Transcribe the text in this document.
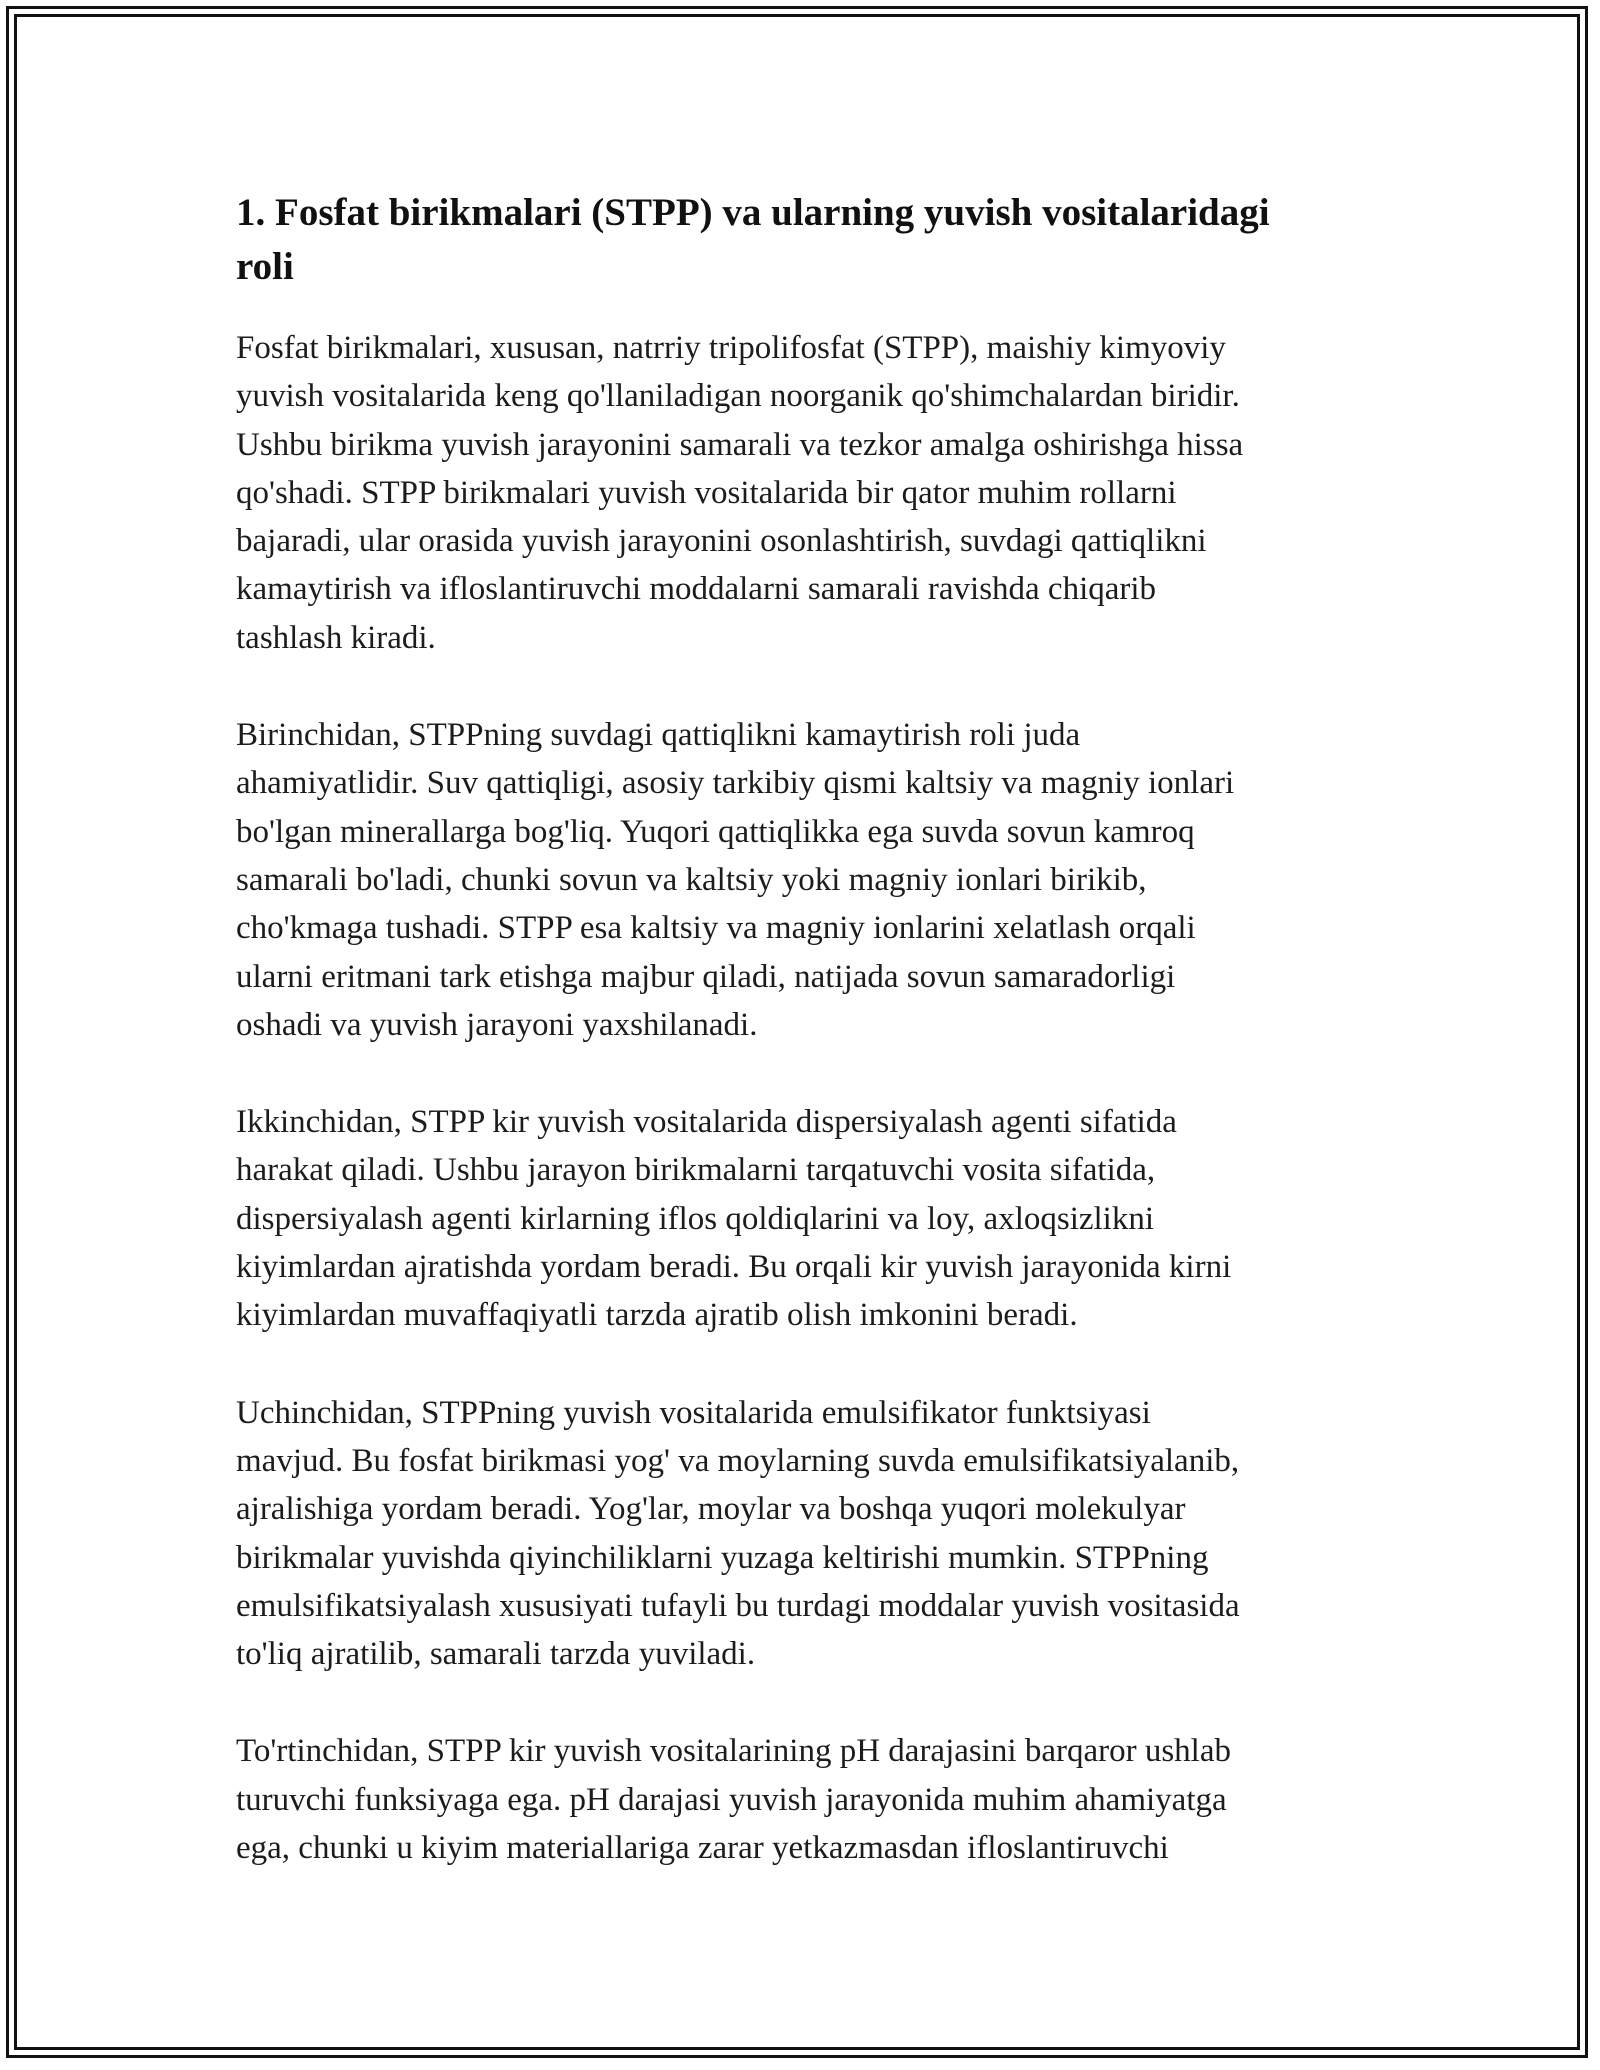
1. Fosfat birikmalari (STPP) va ularning yuvish vositalaridagi
roli

Fosfat birikmalari, xususan, natrriy tripolifosfat (STPP), maishiy kimyoviy
yuvish vositalarida keng qo'llaniladigan noorganik qo'shimchalardan biridir.
Ushbu birikma yuvish jarayonini samarali va tezkor amalga oshirishga hissa
qo'shadi. STPP birikmalari yuvish vositalarida bir qator muhim rollarni
bajaradi, ular orasida yuvish jarayonini osonlashtirish, suvdagi qattiqlikni
kamaytirish va ifloslantiruvchi moddalarni samarali ravishda chiqarib
tashlash kiradi.

Birinchidan, STPPning suvdagi qattiqlikni kamaytirish roli juda
ahamiyatlidir. Suv qattiqligi, asosiy tarkibiy qismi kaltsiy va magniy ionlari
bo'lgan minerallarga bog'liq. Yuqori qattiqlikka ega suvda sovun kamroq
samarali bo'ladi, chunki sovun va kaltsiy yoki magniy ionlari birikib,
cho'kmaga tushadi. STPP esa kaltsiy va magniy ionlarini xelatlash orqali
ularni eritmani tark etishga majbur qiladi, natijada sovun samaradorligi
oshadi va yuvish jarayoni yaxshilanadi.

Ikkinchidan, STPP kir yuvish vositalarida dispersiyalash agenti sifatida
harakat qiladi. Ushbu jarayon birikmalarni tarqatuvchi vosita sifatida,
dispersiyalash agenti kirlarning iflos qoldiqlarini va loy, axloqsizlikni
kiyimlardan ajratishda yordam beradi. Bu orqali kir yuvish jarayonida kirni
kiyimlardan muvaffaqiyatli tarzda ajratib olish imkonini beradi.

Uchinchidan, STPPning yuvish vositalarida emulsifikator funktsiyasi
mavjud. Bu fosfat birikmasi yog' va moylarning suvda emulsifikatsiyalanib,
ajralishiga yordam beradi. Yog'lar, moylar va boshqa yuqori molekulyar
birikmalar yuvishda qiyinchiliklarni yuzaga keltirishi mumkin. STPPning
emulsifikatsiyalash xususiyati tufayli bu turdagi moddalar yuvish vositasida
to'liq ajratilib, samarali tarzda yuviladi.

To'rtinchidan, STPP kir yuvish vositalarining pH darajasini barqaror ushlab
turuvchi funksiyaga ega. pH darajasi yuvish jarayonida muhim ahamiyatga
ega, chunki u kiyim materiallariga zarar yetkazmasdan ifloslantiruvchi
